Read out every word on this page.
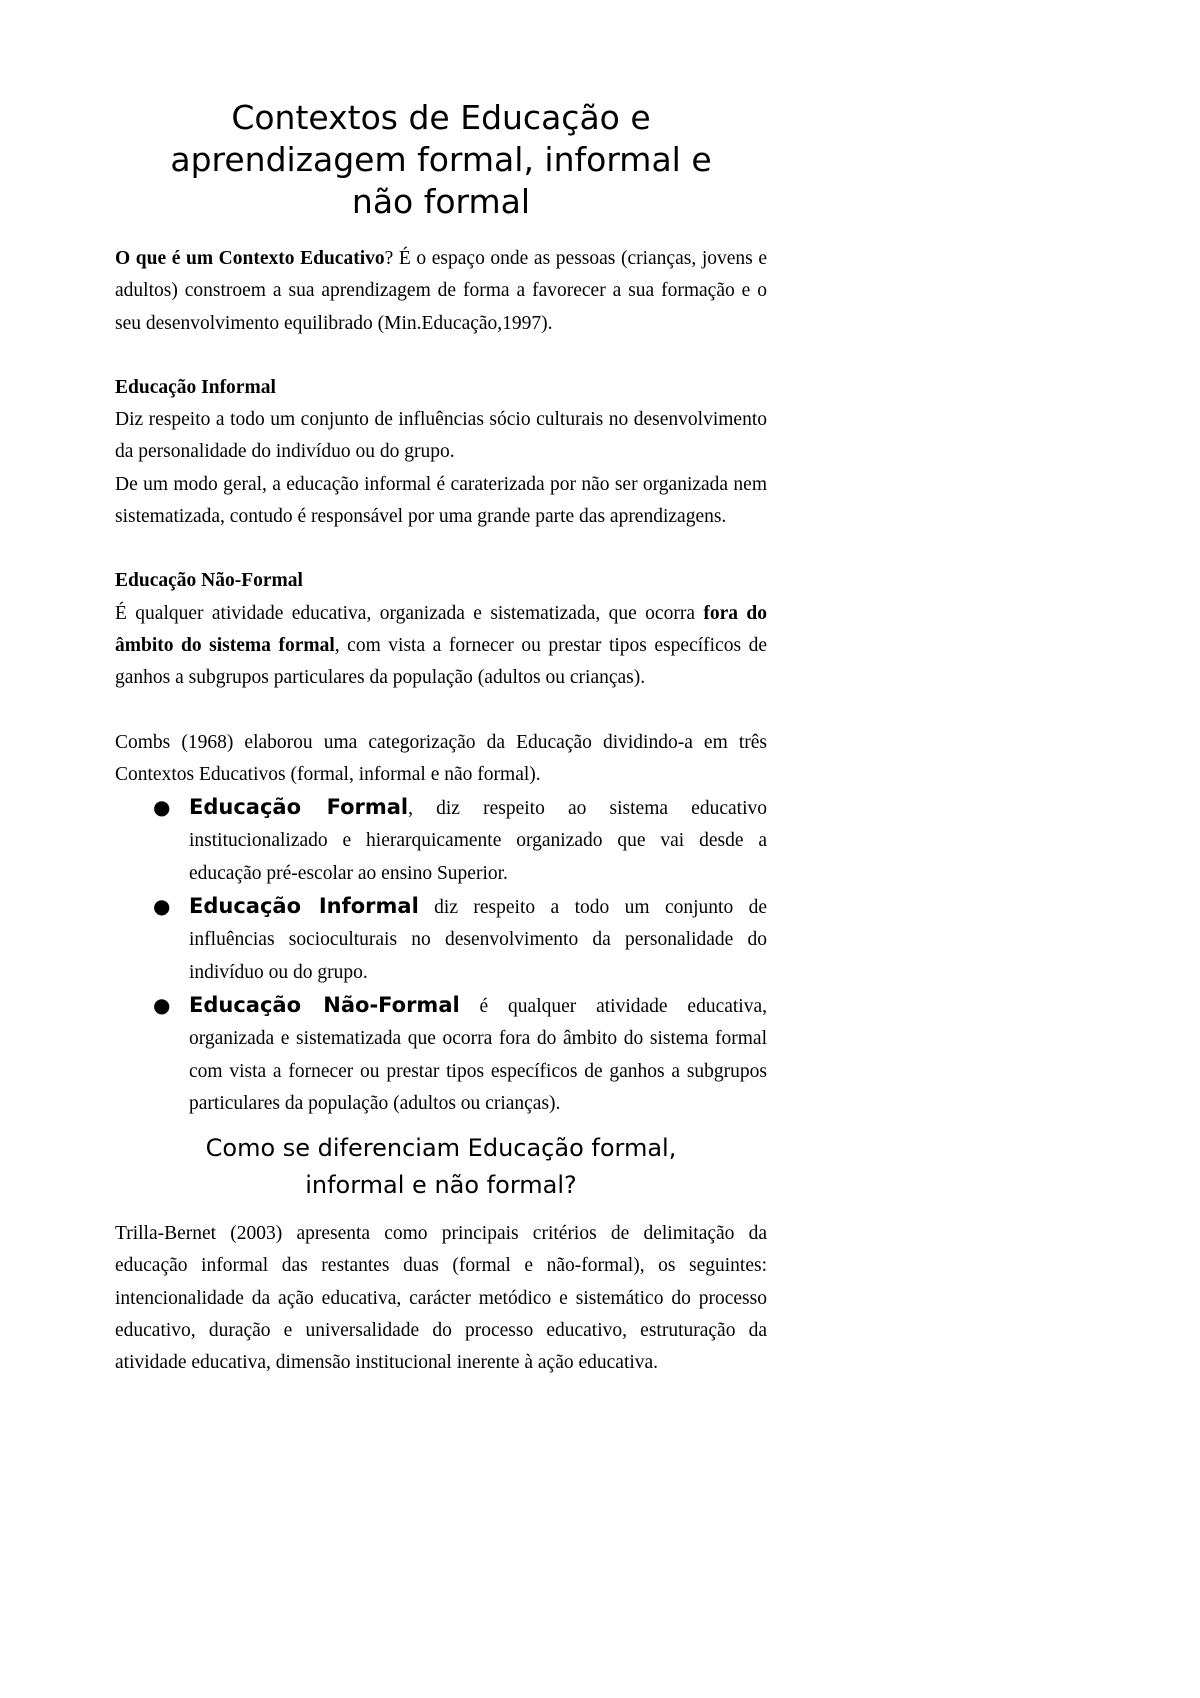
Contextos de Educação e
aprendizagem formal, informal e
não formal

O que é um Contexto Educativo? É o espaço onde as pessoas (crianças, jovens e adultos) constroem a sua aprendizagem de forma a favorecer a sua formação e o seu desenvolvimento equilibrado (Min.Educação,1997).

Educação Informal

Diz respeito a todo um conjunto de influências sócio culturais no desenvolvimento da personalidade do indivíduo ou do grupo.

De um modo geral, a educação informal é caraterizada por não ser organizada nem sistematizada, contudo é responsável por uma grande parte das aprendizagens.

Educação Não-Formal

É qualquer atividade educativa, organizada e sistematizada, que ocorra fora do âmbito do sistema formal, com vista a fornecer ou prestar tipos específicos de ganhos a subgrupos particulares da população (adultos ou crianças).

Combs (1968) elaborou uma categorização da Educação dividindo-a em três Contextos Educativos (formal, informal e não formal).

● Educação Formal, diz respeito ao sistema educativo institucionalizado e hierarquicamente organizado que vai desde a educação pré-escolar ao ensino Superior.
● Educação Informal diz respeito a todo um conjunto de influências socioculturais no desenvolvimento da personalidade do indivíduo ou do grupo.
● Educação Não-Formal é qualquer atividade educativa, organizada e sistematizada que ocorra fora do âmbito do sistema formal com vista a fornecer ou prestar tipos específicos de ganhos a subgrupos particulares da população (adultos ou crianças).
Como se diferenciam Educação formal,
informal e não formal?

Trilla-Bernet (2003) apresenta como principais critérios de delimitação da educação informal das restantes duas (formal e não-formal), os seguintes: intencionalidade da ação educativa, carácter metódico e sistemático do processo educativo, duração e universalidade do processo educativo, estruturação da atividade educativa, dimensão institucional inerente à ação educativa.
